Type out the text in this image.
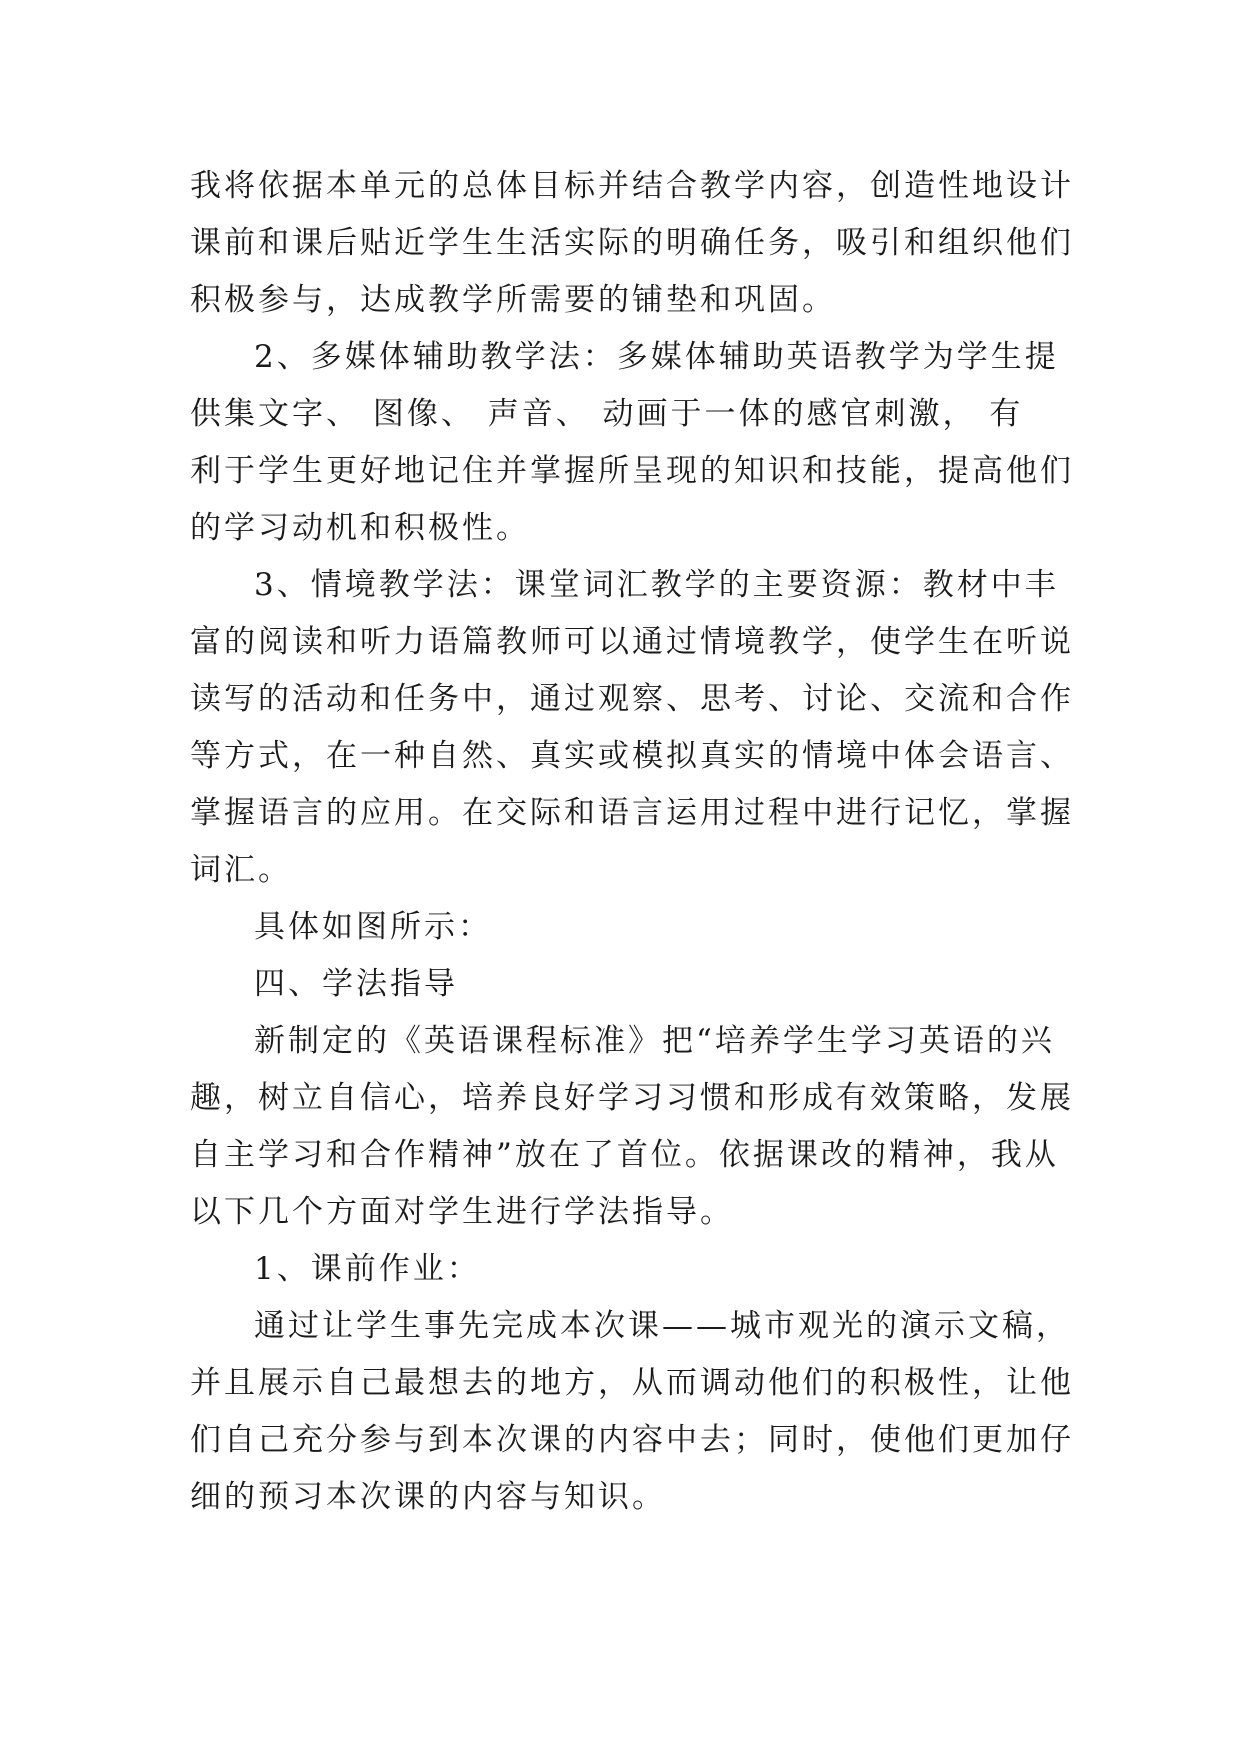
我将依据本单元的总体目标并结合教学内容，创造性地设计
课前和课后贴近学生生活实际的明确任务，吸引和组织他们
积极参与，达成教学所需要的铺垫和巩固。
2、多媒体辅助教学法：多媒体辅助英语教学为学生提
供集文字、 图像、 声音、 动画于一体的感官刺激， 有
利于学生更好地记住并掌握所呈现的知识和技能，提高他们
的学习动机和积极性。
3、情境教学法：课堂词汇教学的主要资源：教材中丰
富的阅读和听力语篇教师可以通过情境教学，使学生在听说
读写的活动和任务中，通过观察、思考、讨论、交流和合作
等方式，在一种自然、真实或模拟真实的情境中体会语言、
掌握语言的应用。在交际和语言运用过程中进行记忆，掌握
词汇。
具体如图所示：
四、学法指导
新制定的《英语课程标准》把“培养学生学习英语的兴
趣，树立自信心，培养良好学习习惯和形成有效策略，发展
自主学习和合作精神”放在了首位。依据课改的精神，我从
以下几个方面对学生进行学法指导。
1、课前作业：
通过让学生事先完成本次课——城市观光的演示文稿，
并且展示自己最想去的地方，从而调动他们的积极性，让他
们自己充分参与到本次课的内容中去；同时，使他们更加仔
细的预习本次课的内容与知识。
